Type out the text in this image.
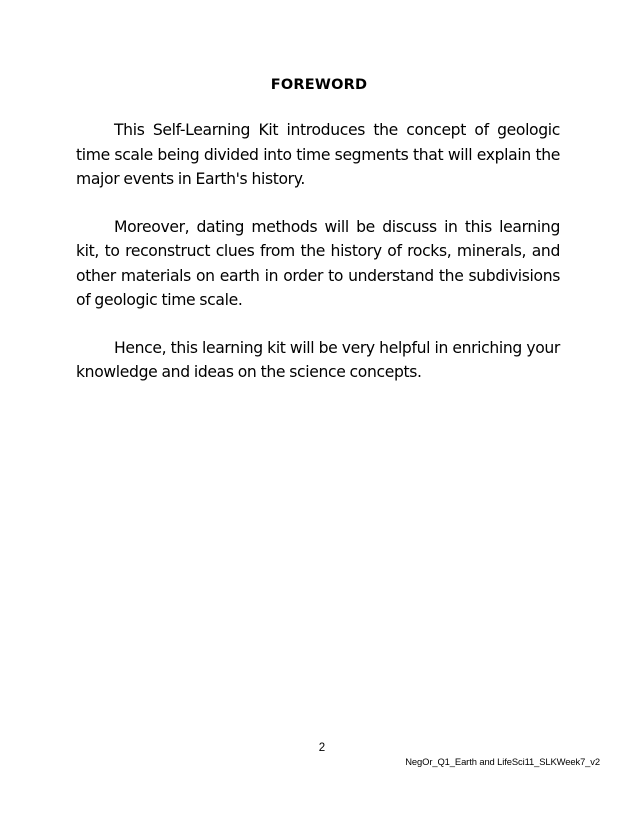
FOREWORD

This Self-Learning Kit introduces the concept of geologic time scale being divided into time segments that will explain the major events in Earth's history.

Moreover, dating methods will be discuss in this learning kit, to reconstruct clues from the history of rocks, minerals, and other materials on earth in order to understand the subdivisions of geologic time scale.

Hence, this learning kit will be very helpful in enriching your knowledge and ideas on the science concepts.

2
NegOr_Q1_Earth and LifeSci11_SLKWeek7_v2
